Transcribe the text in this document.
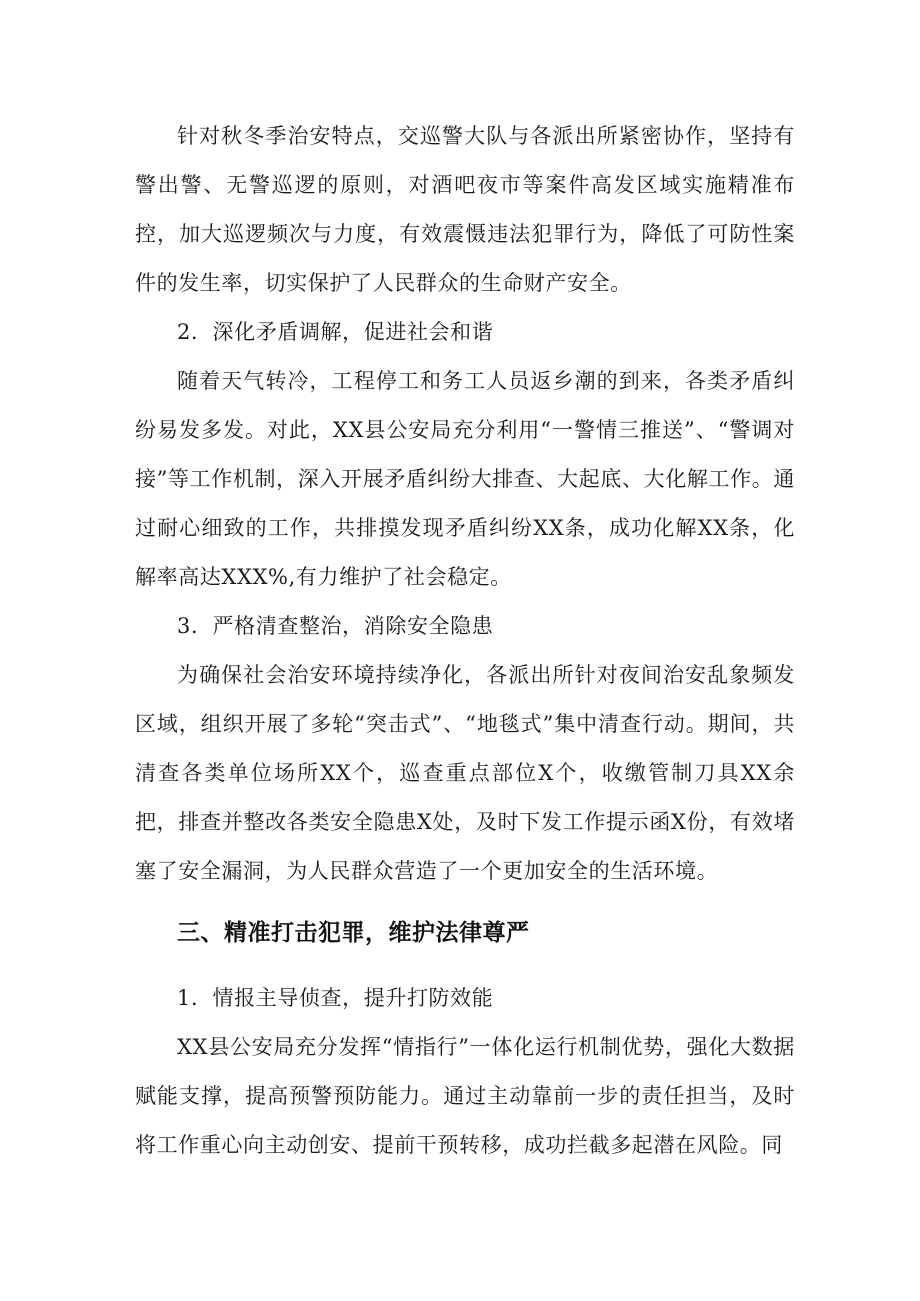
针对秋冬季治安特点，交巡警大队与各派出所紧密协作，坚持有警出警、无警巡逻的原则，对酒吧夜市等案件高发区域实施精准布控，加大巡逻频次与力度，有效震慑违法犯罪行为，降低了可防性案件的发生率，切实保护了人民群众的生命财产安全。

2．深化矛盾调解，促进社会和谐

随着天气转冷，工程停工和务工人员返乡潮的到来，各类矛盾纠纷易发多发。对此，XX县公安局充分利用“一警情三推送”、“警调对接”等工作机制，深入开展矛盾纠纷大排查、大起底、大化解工作。通过耐心细致的工作，共排摸发现矛盾纠纷XX条，成功化解XX条，化解率高达XXX%,有力维护了社会稳定。

3．严格清查整治，消除安全隐患

为确保社会治安环境持续净化，各派出所针对夜间治安乱象频发区域，组织开展了多轮“突击式”、“地毯式”集中清查行动。期间，共清查各类单位场所XX个，巡查重点部位X个，收缴管制刀具XX余把，排查并整改各类安全隐患X处，及时下发工作提示函X份，有效堵塞了安全漏洞，为人民群众营造了一个更加安全的生活环境。

三、精准打击犯罪，维护法律尊严

1．情报主导侦查，提升打防效能

XX县公安局充分发挥“情指行”一体化运行机制优势，强化大数据赋能支撑，提高预警预防能力。通过主动靠前一步的责任担当，及时将工作重心向主动创安、提前干预转移，成功拦截多起潜在风险。同
